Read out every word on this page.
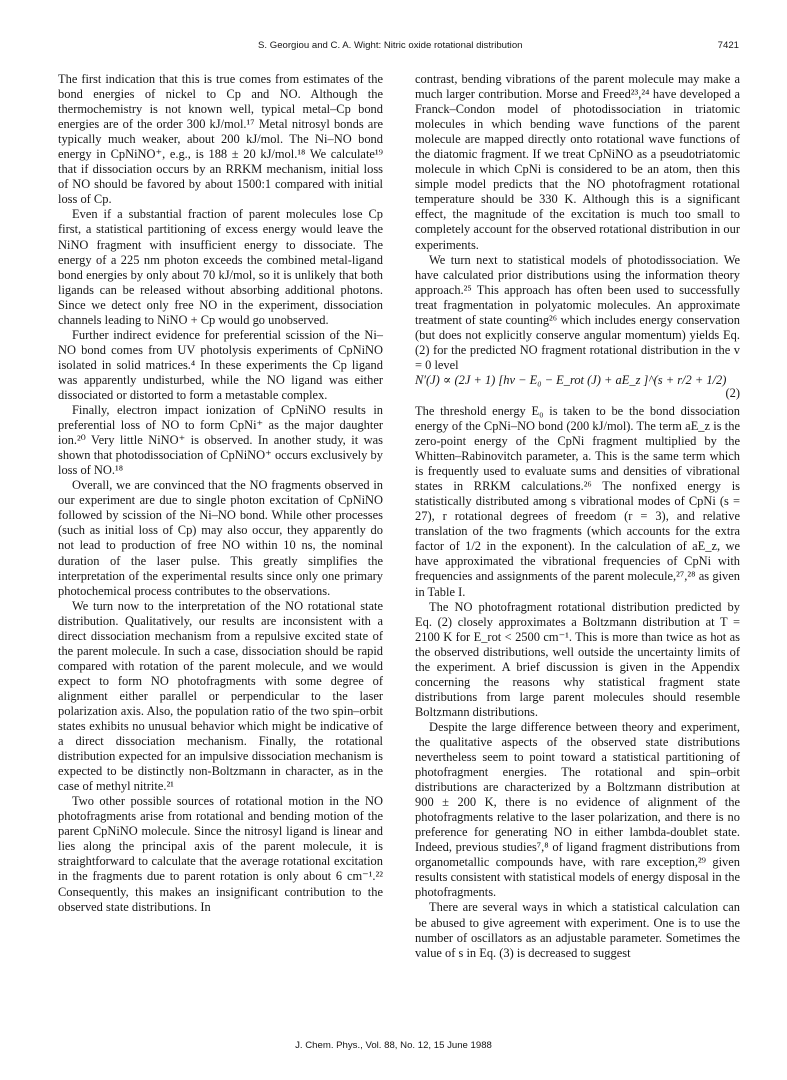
S. Georgiou and C. A. Wight: Nitric oxide rotational distribution	7421

The first indication that this is true comes from estimates of the bond energies of nickel to Cp and NO. Although the thermochemistry is not known well, typical metal–Cp bond energies are of the order 300 kJ/mol.¹⁷ Metal nitrosyl bonds are typically much weaker, about 200 kJ/mol. The Ni–NO bond energy in CpNiNO⁺, e.g., is 188 ± 20 kJ/mol.¹⁸ We calculate¹⁹ that if dissociation occurs by an RRKM mechanism, initial loss of NO should be favored by about 1500:1 compared with initial loss of Cp.

Even if a substantial fraction of parent molecules lose Cp first, a statistical partitioning of excess energy would leave the NiNO fragment with insufficient energy to dissociate. The energy of a 225 nm photon exceeds the combined metal-ligand bond energies by only about 70 kJ/mol, so it is unlikely that both ligands can be released without absorbing additional photons. Since we detect only free NO in the experiment, dissociation channels leading to NiNO + Cp would go unobserved.

Further indirect evidence for preferential scission of the Ni–NO bond comes from UV photolysis experiments of CpNiNO isolated in solid matrices.⁴ In these experiments the Cp ligand was apparently undisturbed, while the NO ligand was either dissociated or distorted to form a metastable complex.

Finally, electron impact ionization of CpNiNO results in preferential loss of NO to form CpNi⁺ as the major daughter ion.²⁰ Very little NiNO⁺ is observed. In another study, it was shown that photodissociation of CpNiNO⁺ occurs exclusively by loss of NO.¹⁸

Overall, we are convinced that the NO fragments observed in our experiment are due to single photon excitation of CpNiNO followed by scission of the Ni–NO bond. While other processes (such as initial loss of Cp) may also occur, they apparently do not lead to production of free NO within 10 ns, the nominal duration of the laser pulse. This greatly simplifies the interpretation of the experimental results since only one primary photochemical process contributes to the observations.

We turn now to the interpretation of the NO rotational state distribution. Qualitatively, our results are inconsistent with a direct dissociation mechanism from a repulsive excited state of the parent molecule. In such a case, dissociation should be rapid compared with rotation of the parent molecule, and we would expect to form NO photofragments with some degree of alignment either parallel or perpendicular to the laser polarization axis. Also, the population ratio of the two spin–orbit states exhibits no unusual behavior which might be indicative of a direct dissociation mechanism. Finally, the rotational distribution expected for an impulsive dissociation mechanism is expected to be distinctly non-Boltzmann in character, as in the case of methyl nitrite.²¹

Two other possible sources of rotational motion in the NO photofragments arise from rotational and bending motion of the parent CpNiNO molecule. Since the nitrosyl ligand is linear and lies along the principal axis of the parent molecule, it is straightforward to calculate that the average rotational excitation in the fragments due to parent rotation is only about 6 cm⁻¹.²² Consequently, this makes an insignificant contribution to the observed state distributions. In

contrast, bending vibrations of the parent molecule may make a much larger contribution. Morse and Freed²³,²⁴ have developed a Franck–Condon model of photodissociation in triatomic molecules in which bending wave functions of the parent molecule are mapped directly onto rotational wave functions of the diatomic fragment. If we treat CpNiNO as a pseudotriatomic molecule in which CpNi is considered to be an atom, then this simple model predicts that the NO photofragment rotational temperature should be 330 K. Although this is a significant effect, the magnitude of the excitation is much too small to completely account for the observed rotational distribution in our experiments.

We turn next to statistical models of photodissociation. We have calculated prior distributions using the information theory approach.²⁵ This approach has often been used to successfully treat fragmentation in polyatomic molecules. An approximate treatment of state counting²⁶ which includes energy conservation (but does not explicitly conserve angular momentum) yields Eq. (2) for the predicted NO fragment rotational distribution in the v = 0 level

N′(J) ∝ (2J + 1) [hν − E₀ − E_rot (J) + aE_z ]^(s + r/2 + 1/2)
(2)

The threshold energy E₀ is taken to be the bond dissociation energy of the CpNi–NO bond (200 kJ/mol). The term aE_z is the zero-point energy of the CpNi fragment multiplied by the Whitten–Rabinovitch parameter, a. This is the same term which is frequently used to evaluate sums and densities of vibrational states in RRKM calculations.²⁶ The nonfixed energy is statistically distributed among s vibrational modes of CpNi (s = 27), r rotational degrees of freedom (r = 3), and relative translation of the two fragments (which accounts for the extra factor of 1/2 in the exponent). In the calculation of aE_z, we have approximated the vibrational frequencies of CpNi with frequencies and assignments of the parent molecule,²⁷,²⁸ as given in Table I.

The NO photofragment rotational distribution predicted by Eq. (2) closely approximates a Boltzmann distribution at T = 2100 K for E_rot < 2500 cm⁻¹. This is more than twice as hot as the observed distributions, well outside the uncertainty limits of the experiment. A brief discussion is given in the Appendix concerning the reasons why statistical fragment state distributions from large parent molecules should resemble Boltzmann distributions.

Despite the large difference between theory and experiment, the qualitative aspects of the observed state distributions nevertheless seem to point toward a statistical partitioning of photofragment energies. The rotational and spin–orbit distributions are characterized by a Boltzmann distribution at 900 ± 200 K, there is no evidence of alignment of the photofragments relative to the laser polarization, and there is no preference for generating NO in either lambda-doublet state. Indeed, previous studies⁷,⁸ of ligand fragment distributions from organometallic compounds have, with rare exception,²⁹ given results consistent with statistical models of energy disposal in the photofragments.

There are several ways in which a statistical calculation can be abused to give agreement with experiment. One is to use the number of oscillators as an adjustable parameter. Sometimes the value of s in Eq. (3) is decreased to suggest

J. Chem. Phys., Vol. 88, No. 12, 15 June 1988
